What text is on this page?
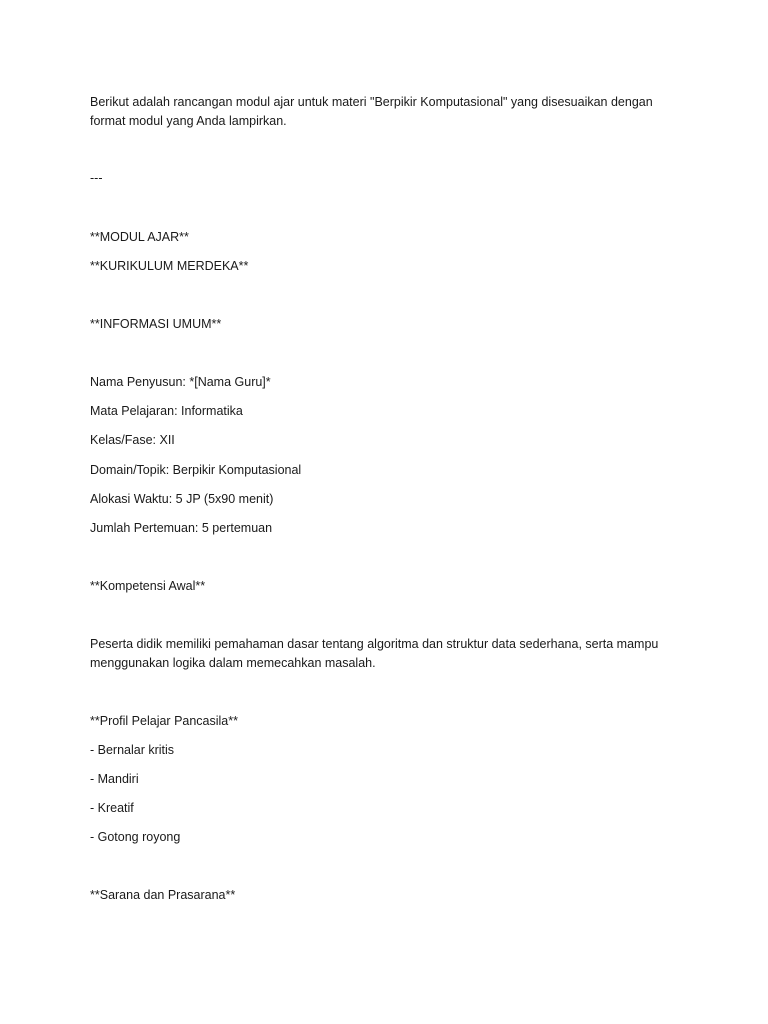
Berikut adalah rancangan modul ajar untuk materi "Berpikir Komputasional" yang disesuaikan dengan format modul yang Anda lampirkan.
---
**MODUL AJAR**
**KURIKULUM MERDEKA**
**INFORMASI UMUM**
Nama Penyusun: *[Nama Guru]*
Mata Pelajaran: Informatika
Kelas/Fase: XII
Domain/Topik: Berpikir Komputasional
Alokasi Waktu: 5 JP (5x90 menit)
Jumlah Pertemuan: 5 pertemuan
**Kompetensi Awal**
Peserta didik memiliki pemahaman dasar tentang algoritma dan struktur data sederhana, serta mampu menggunakan logika dalam memecahkan masalah.
**Profil Pelajar Pancasila**
- Bernalar kritis
- Mandiri
- Kreatif
- Gotong royong
**Sarana dan Prasarana**
